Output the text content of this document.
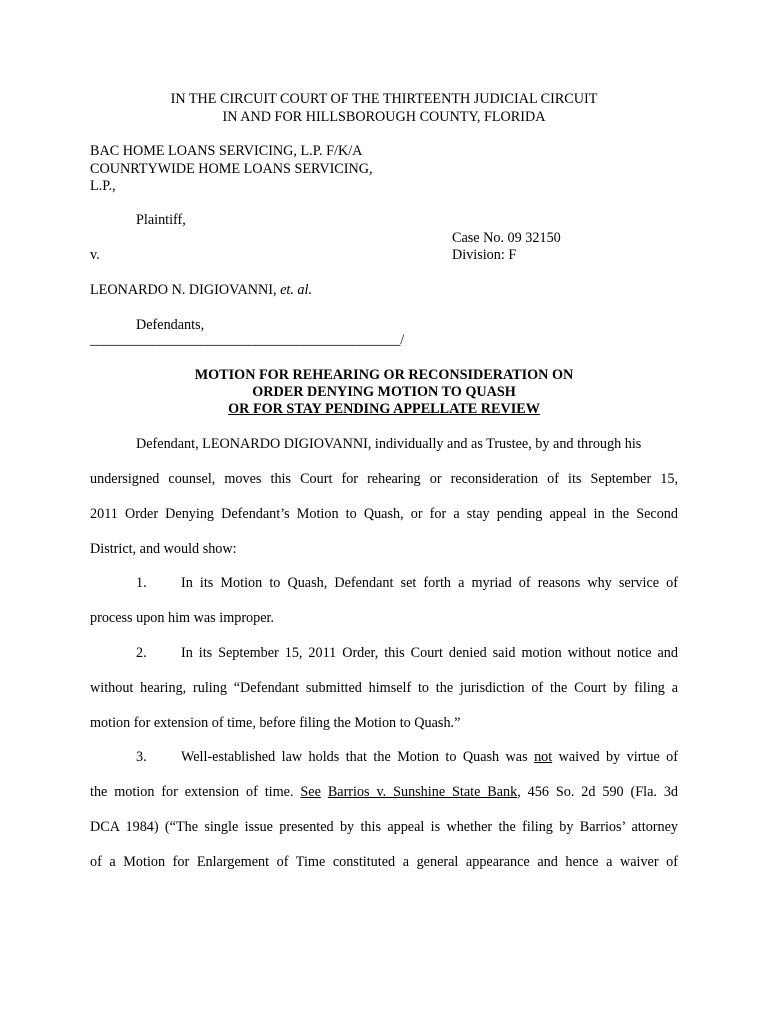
IN THE CIRCUIT COURT OF THE THIRTEENTH JUDICIAL CIRCUIT
IN AND FOR HILLSBOROUGH COUNTY, FLORIDA
BAC HOME LOANS SERVICING, L.P. F/K/A
COUNRTYWIDE HOME LOANS SERVICING,
L.P.,
Plaintiff,
Case No. 09 32150
v.	Division: F
LEONARDO N. DIGIOVANNI, et. al.
Defendants,
_____________________________________________/
MOTION FOR REHEARING OR RECONSIDERATION ON
ORDER DENYING MOTION TO QUASH
OR FOR STAY PENDING APPELLATE REVIEW
Defendant, LEONARDO DIGIOVANNI, individually and as Trustee, by and through his
undersigned counsel, moves this Court for rehearing or reconsideration of its September 15,
2011 Order Denying Defendant’s Motion to Quash, or for a stay pending appeal in the Second
District, and would show:
1. In its Motion to Quash, Defendant set forth a myriad of reasons why service of
process upon him was improper.
2. In its September 15, 2011 Order, this Court denied said motion without notice and
without hearing, ruling “Defendant submitted himself to the jurisdiction of the Court by filing a
motion for extension of time, before filing the Motion to Quash.”
3. Well-established law holds that the Motion to Quash was not waived by virtue of
the motion for extension of time. See Barrios v. Sunshine State Bank, 456 So. 2d 590 (Fla. 3d
DCA 1984) (“The single issue presented by this appeal is whether the filing by Barrios’ attorney
of a Motion for Enlargement of Time constituted a general appearance and hence a waiver of
